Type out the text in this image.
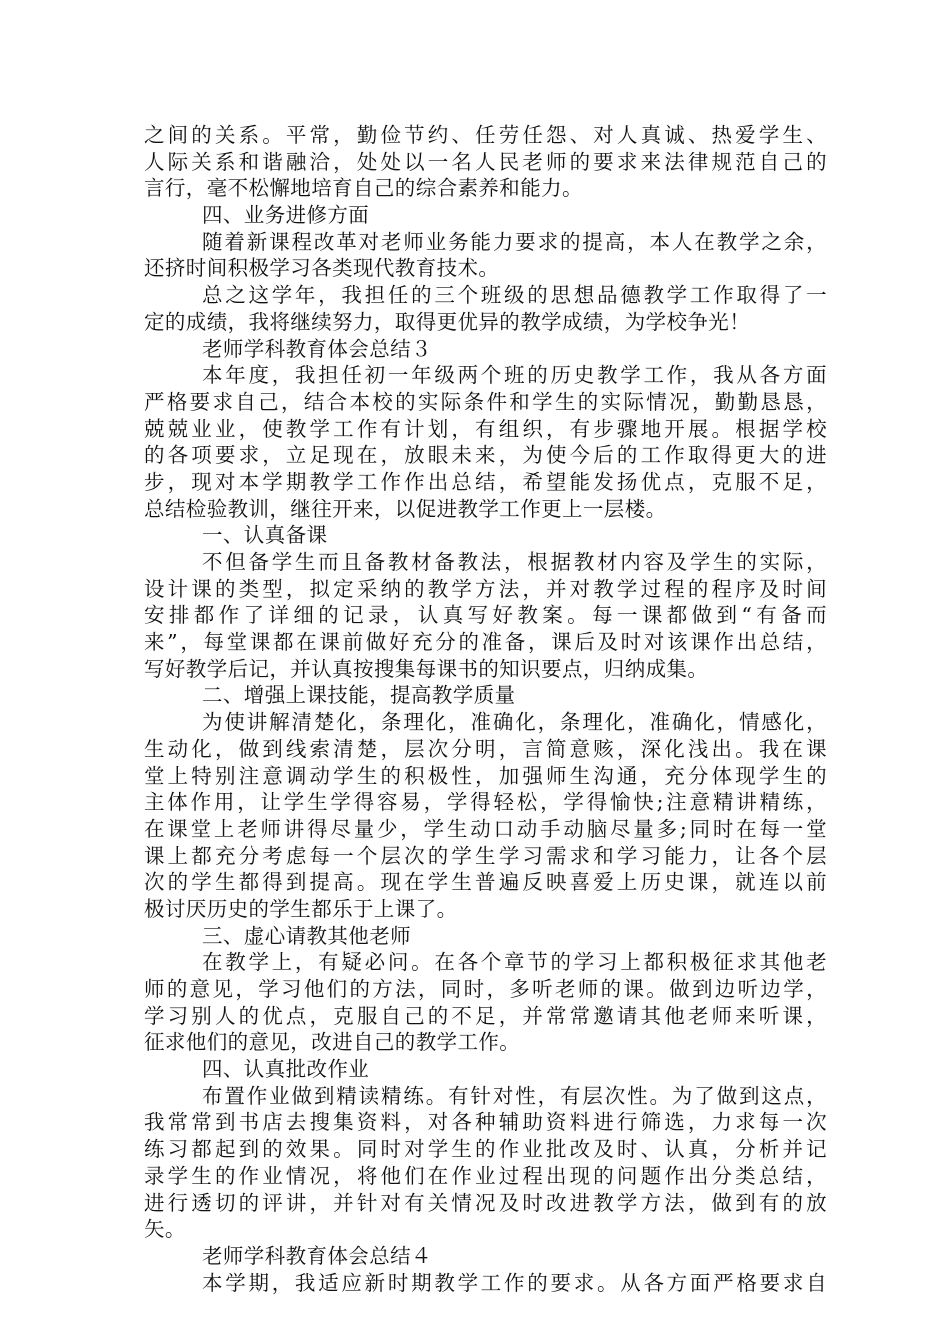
之间的关系。平常，勤俭节约、任劳任怨、对人真诚、热爱学生、
人际关系和谐融洽，处处以一名人民老师的要求来法律规范自己的
言行，毫不松懈地培育自己的综合素养和能力。
四、业务进修方面
随着新课程改革对老师业务能力要求的提高，本人在教学之余，
还挤时间积极学习各类现代教育技术。
总之这学年，我担任的三个班级的思想品德教学工作取得了一
定的成绩，我将继续努力，取得更优异的教学成绩，为学校争光！
老师学科教育体会总结３
本年度，我担任初一年级两个班的历史教学工作，我从各方面
严格要求自己，结合本校的实际条件和学生的实际情况，勤勤恳恳，
兢兢业业，使教学工作有计划，有组织，有步骤地开展。根据学校
的各项要求，立足现在，放眼未来，为使今后的工作取得更大的进
步，现对本学期教学工作作出总结，希望能发扬优点，克服不足，
总结检验教训，继往开来，以促进教学工作更上一层楼。
一、认真备课
不但备学生而且备教材备教法，根据教材内容及学生的实际，
设计课的类型，拟定采纳的教学方法，并对教学过程的程序及时间
安排都作了详细的记录，认真写好教案。每一课都做到“有备而
来”，每堂课都在课前做好充分的准备，课后及时对该课作出总结，
写好教学后记，并认真按搜集每课书的知识要点，归纳成集。
二、增强上课技能，提高教学质量
为使讲解清楚化，条理化，准确化，条理化，准确化，情感化，
生动化，做到线索清楚，层次分明，言简意赅，深化浅出。我在课
堂上特别注意调动学生的积极性，加强师生沟通，充分体现学生的
主体作用，让学生学得容易，学得轻松，学得愉快;注意精讲精练，
在课堂上老师讲得尽量少，学生动口动手动脑尽量多;同时在每一堂
课上都充分考虑每一个层次的学生学习需求和学习能力，让各个层
次的学生都得到提高。现在学生普遍反映喜爱上历史课，就连以前
极讨厌历史的学生都乐于上课了。
三、虚心请教其他老师
在教学上，有疑必问。在各个章节的学习上都积极征求其他老
师的意见，学习他们的方法，同时，多听老师的课。做到边听边学，
学习别人的优点，克服自己的不足，并常常邀请其他老师来听课，
征求他们的意见，改进自己的教学工作。
四、认真批改作业
布置作业做到精读精练。有针对性，有层次性。为了做到这点，
我常常到书店去搜集资料，对各种辅助资料进行筛选，力求每一次
练习都起到的效果。同时对学生的作业批改及时、认真，分析并记
录学生的作业情况，将他们在作业过程出现的问题作出分类总结，
进行透切的评讲，并针对有关情况及时改进教学方法，做到有的放
矢。
老师学科教育体会总结４
本学期，我适应新时期教学工作的要求。从各方面严格要求自
